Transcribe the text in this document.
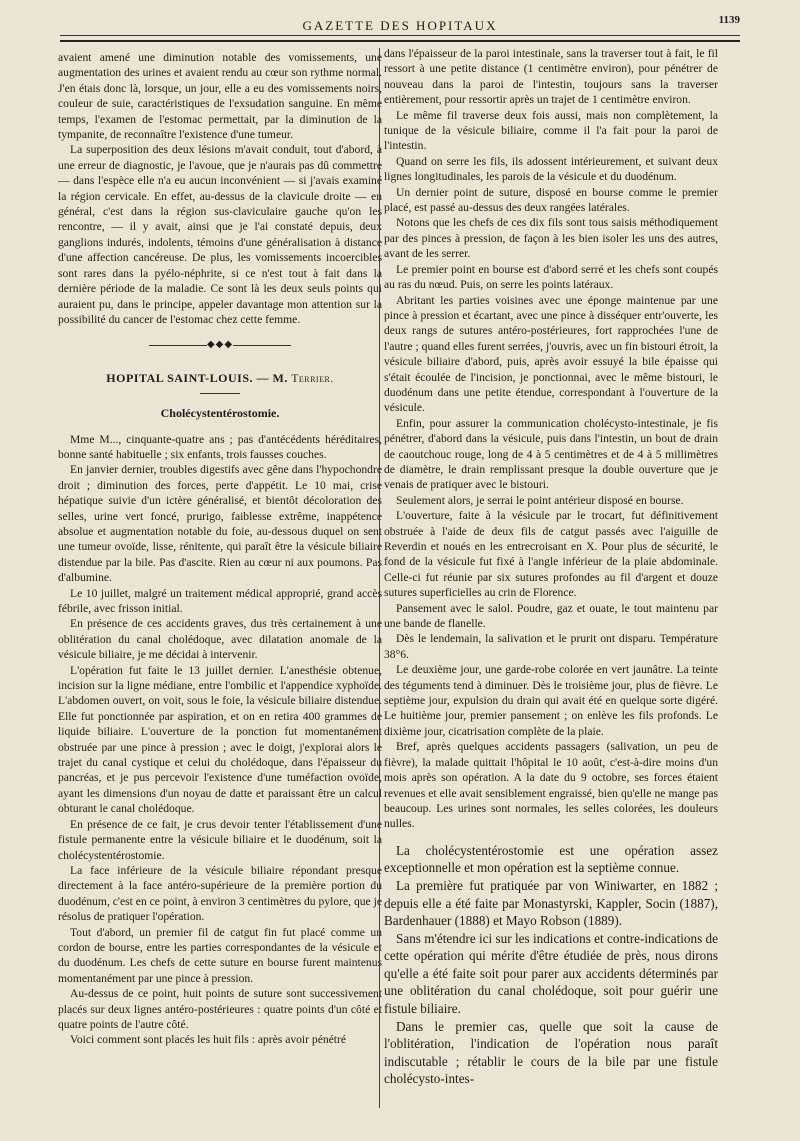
GAZETTE DES HOPITAUX	1139

avaient amené une diminution notable des vomissements, une augmentation des urines et avaient rendu au cœur son rythme normal. J'en étais donc là, lorsque, un jour, elle a eu des vomissements noirs, couleur de suie, caractéristiques de l'exsudation sanguine. En même temps, l'examen de l'estomac permettait, par la diminution de la tympanite, de reconnaître l'existence d'une tumeur.

La superposition des deux lésions m'avait conduit, tout d'abord, à une erreur de diagnostic, je l'avoue, que je n'aurais pas dû commettre — dans l'espèce elle n'a eu aucun inconvénient — si j'avais examiné la région cervicale. En effet, au-dessus de la clavicule droite — en général, c'est dans la région sus-claviculaire gauche qu'on les rencontre, — il y avait, ainsi que je l'ai constaté depuis, deux ganglions indurés, indolents, témoins d'une généralisation à distance d'une affection cancéreuse. De plus, les vomissements incoercibles sont rares dans la pyélo-néphrite, si ce n'est tout à fait dans la dernière période de la maladie. Ce sont là les deux seuls points qui auraient pu, dans le principe, appeler davantage mon attention sur la possibilité du cancer de l'estomac chez cette femme.

◆◆◆
HOPITAL SAINT-LOUIS. — M. Terrier.
Cholécystentérostomie.

Mme M..., cinquante-quatre ans ; pas d'antécédents héréditaires, bonne santé habituelle ; six enfants, trois fausses couches.

En janvier dernier, troubles digestifs avec gêne dans l'hypochondre droit ; diminution des forces, perte d'appétit. Le 10 mai, crise hépatique suivie d'un ictère généralisé, et bientôt décoloration des selles, urine vert foncé, prurigo, faiblesse extrême, inappétence absolue et augmentation notable du foie, au-dessous duquel on sent une tumeur ovoïde, lisse, rénitente, qui paraît être la vésicule biliaire distendue par la bile. Pas d'ascite. Rien au cœur ni aux poumons. Pas d'albumine.

Le 10 juillet, malgré un traitement médical approprié, grand accès fébrile, avec frisson initial.

En présence de ces accidents graves, dus très certainement à une oblitération du canal cholédoque, avec dilatation anomale de la vésicule biliaire, je me décidai à intervenir.

L'opération fut faite le 13 juillet dernier. L'anesthésie obtenue, incision sur la ligne médiane, entre l'ombilic et l'appendice xyphoïde. L'abdomen ouvert, on voit, sous le foie, la vésicule biliaire distendue. Elle fut ponctionnée par aspiration, et on en retira 400 grammes de liquide biliaire. L'ouverture de la ponction fut momentanément obstruée par une pince à pression ; avec le doigt, j'explorai alors le trajet du canal cystique et celui du cholédoque, dans l'épaisseur du pancréas, et je pus percevoir l'existence d'une tuméfaction ovoïde, ayant les dimensions d'un noyau de datte et paraissant être un calcul obturant le canal cholédoque.

En présence de ce fait, je crus devoir tenter l'établissement d'une fistule permanente entre la vésicule biliaire et le duodénum, soit la cholécystentérostomie.

La face inférieure de la vésicule biliaire répondant presque directement à la face antéro-supérieure de la première portion du duodénum, c'est en ce point, à environ 3 centimètres du pylore, que je résolus de pratiquer l'opération.

Tout d'abord, un premier fil de catgut fin fut placé comme un cordon de bourse, entre les parties correspondantes de la vésicule et du duodénum. Les chefs de cette suture en bourse furent maintenus momentanément par une pince à pression.

Au-dessus de ce point, huit points de suture sont successivement placés sur deux lignes antéro-postérieures : quatre points d'un côté et quatre points de l'autre côté.

Voici comment sont placés les huit fils : après avoir pénétré

dans l'épaisseur de la paroi intestinale, sans la traverser tout à fait, le fil ressort à une petite distance (1 centimètre environ), pour pénétrer de nouveau dans la paroi de l'intestin, toujours sans la traverser entièrement, pour ressortir après un trajet de 1 centimètre environ.

Le même fil traverse deux fois aussi, mais non complètement, la tunique de la vésicule biliaire, comme il l'a fait pour la paroi de l'intestin.

Quand on serre les fils, ils adossent intérieurement, et suivant deux lignes longitudinales, les parois de la vésicule et du duodénum.

Un dernier point de suture, disposé en bourse comme le premier placé, est passé au-dessus des deux rangées latérales.

Notons que les chefs de ces dix fils sont tous saisis méthodiquement par des pinces à pression, de façon à les bien isoler les uns des autres, avant de les serrer.

Le premier point en bourse est d'abord serré et les chefs sont coupés au ras du nœud. Puis, on serre les points latéraux.

Abritant les parties voisines avec une éponge maintenue par une pince à pression et écartant, avec une pince à disséquer entr'ouverte, les deux rangs de sutures antéro-postérieures, fort rapprochées l'une de l'autre ; quand elles furent serrées, j'ouvris, avec un fin bistouri étroit, la vésicule biliaire d'abord, puis, après avoir essuyé la bile épaisse qui s'était écoulée de l'incision, je ponctionnai, avec le même bistouri, le duodénum dans une petite étendue, correspondant à l'ouverture de la vésicule.

Enfin, pour assurer la communication cholécysto-intestinale, je fis pénétrer, d'abord dans la vésicule, puis dans l'intestin, un bout de drain de caoutchouc rouge, long de 4 à 5 centimètres et de 4 à 5 millimètres de diamètre, le drain remplissant presque la double ouverture que je venais de pratiquer avec le bistouri.

Seulement alors, je serrai le point antérieur disposé en bourse.

L'ouverture, faite à la vésicule par le trocart, fut définitivement obstruée à l'aide de deux fils de catgut passés avec l'aiguille de Reverdin et noués en les entrecroisant en X. Pour plus de sécurité, le fond de la vésicule fut fixé à l'angle inférieur de la plaie abdominale. Celle-ci fut réunie par six sutures profondes au fil d'argent et douze sutures superficielles au crin de Florence.

Pansement avec le salol. Poudre, gaz et ouate, le tout maintenu par une bande de flanelle.

Dès le lendemain, la salivation et le prurit ont disparu. Température 38°6.

Le deuxième jour, une garde-robe colorée en vert jaunâtre. La teinte des téguments tend à diminuer. Dès le troisième jour, plus de fièvre. Le septième jour, expulsion du drain qui avait été en quelque sorte digéré. Le huitième jour, premier pansement ; on enlève les fils profonds. Le dixième jour, cicatrisation complète de la plaie.

Bref, après quelques accidents passagers (salivation, un peu de fièvre), la malade quittait l'hôpital le 10 août, c'est-à-dire moins d'un mois après son opération. A la date du 9 octobre, ses forces étaient revenues et elle avait sensiblement engraissé, bien qu'elle ne mange pas beaucoup. Les urines sont normales, les selles colorées, les douleurs nulles.

La cholécystentérostomie est une opération assez exceptionnelle et mon opération est la septième connue.

La première fut pratiquée par von Winiwarter, en 1882 ; depuis elle a été faite par Monastyrski, Kappler, Socin (1887), Bardenhauer (1888) et Mayo Robson (1889).

Sans m'étendre ici sur les indications et contre-indications de cette opération qui mérite d'être étudiée de près, nous dirons qu'elle a été faite soit pour parer aux accidents déterminés par une oblitération du canal cholédoque, soit pour guérir une fistule biliaire.

Dans le premier cas, quelle que soit la cause de l'oblitération, l'indication de l'opération nous paraît indiscutable ; rétablir le cours de la bile par une fistule cholécysto-intes-
